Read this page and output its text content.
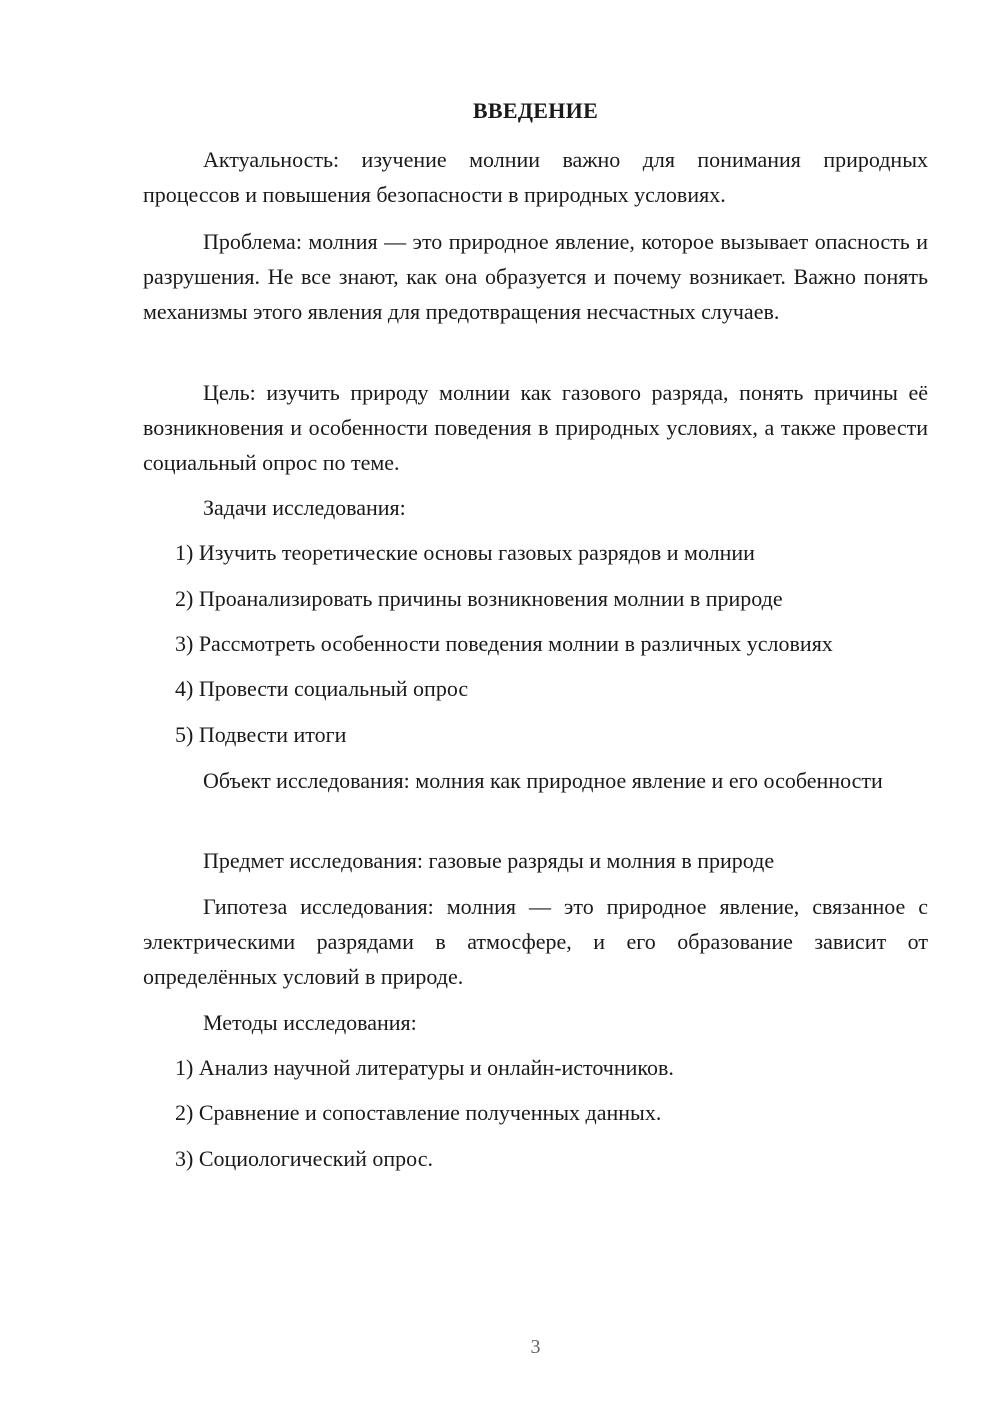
ВВЕДЕНИЕ

Актуальность: изучение молнии важно для понимания природных процессов и повышения безопасности в природных условиях.

Проблема: молния — это природное явление, которое вызывает опасность и разрушения. Не все знают, как она образуется и почему возникает. Важно понять механизмы этого явления для предотвращения несчастных случаев.

Цель: изучить природу молнии как газового разряда, понять причины её возникновения и особенности поведения в природных условиях, а также провести социальный опрос по теме.

Задачи исследования:

1) Изучить теоретические основы газовых разрядов и молнии

2) Проанализировать причины возникновения молнии в природе

3) Рассмотреть особенности поведения молнии в различных условиях

4) Провести социальный опрос

5) Подвести итоги

Объект исследования: молния как природное явление и его особенности

Предмет исследования: газовые разряды и молния в природе

Гипотеза исследования: молния — это природное явление, связанное с электрическими разрядами в атмосфере, и его образование зависит от определённых условий в природе.

Методы исследования:

1) Анализ научной литературы и онлайн-источников.

2) Сравнение и сопоставление полученных данных.

3) Социологический опрос.

3
